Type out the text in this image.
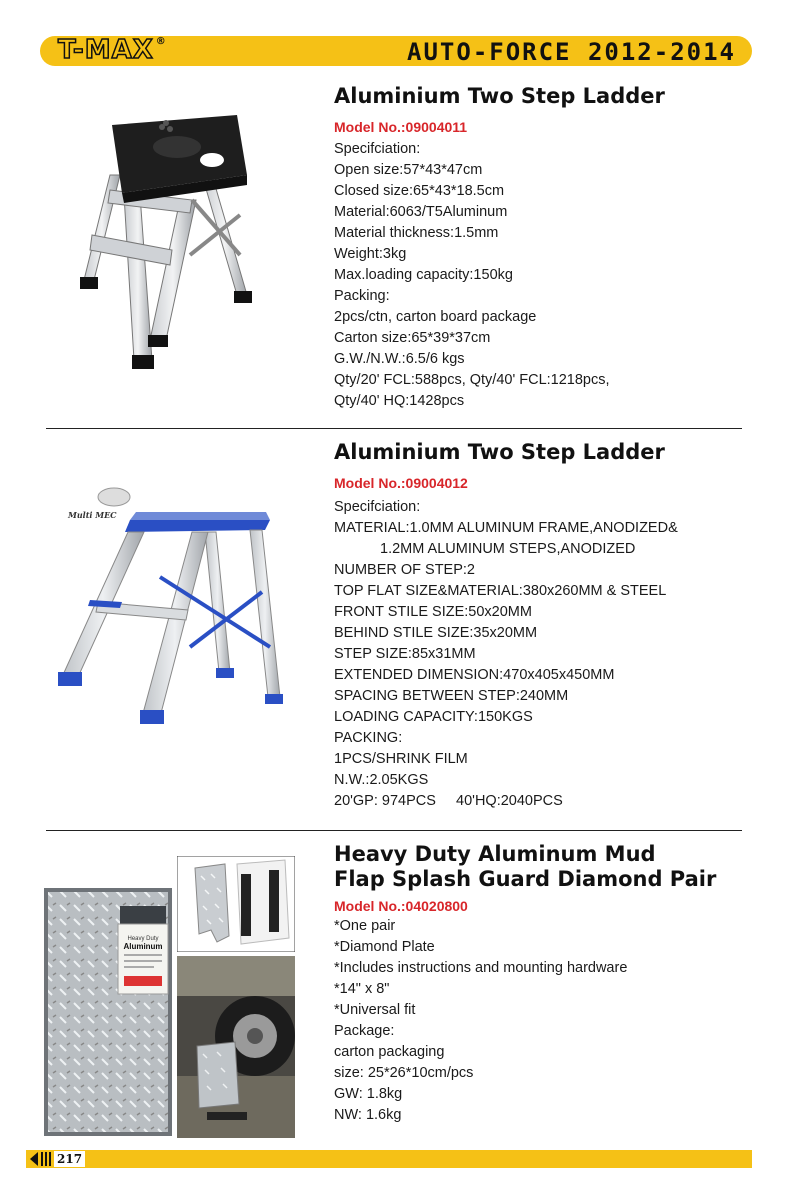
T-MAX ®	AUTO-FORCE 2012-2014
Aluminium Two Step Ladder
Model No.:09004011
Specifciation:
Open size:57*43*47cm
Closed size:65*43*18.5cm
Material:6063/T5Aluminum
Material thickness:1.5mm
Weight:3kg
Max.loading capacity:150kg
Packing:
2pcs/ctn, carton board package
Carton size:65*39*37cm
G.W./N.W.:6.5/6 kgs
Qty/20' FCL:588pcs, Qty/40' FCL:1218pcs,
Qty/40' HQ:1428pcs
Multi MEC
Aluminium Two Step Ladder
Model No.:09004012
Specifciation:
MATERIAL:1.0MM ALUMINUM FRAME,ANODIZED&
1.2MM ALUMINUM STEPS,ANODIZED
NUMBER OF STEP:2
TOP FLAT SIZE&MATERIAL:380x260MM & STEEL
FRONT STILE SIZE:50x20MM
BEHIND STILE SIZE:35x20MM
STEP SIZE:85x31MM
EXTENDED DIMENSION:470x405x450MM
SPACING BETWEEN STEP:240MM
LOADING CAPACITY:150KGS
PACKING:
1PCS/SHRINK FILM
N.W.:2.05KGS
20'GP: 974PCS     40'HQ:2040PCS
Heavy Duty
Aluminum
Heavy Duty Aluminum Mud
Flap Splash Guard Diamond Pair
Model No.:04020800
*One pair
*Diamond Plate
*Includes instructions and mounting hardware
*14" x 8"
*Universal fit
Package:
carton packaging
size: 25*26*10cm/pcs
GW: 1.8kg
NW: 1.6kg
217
